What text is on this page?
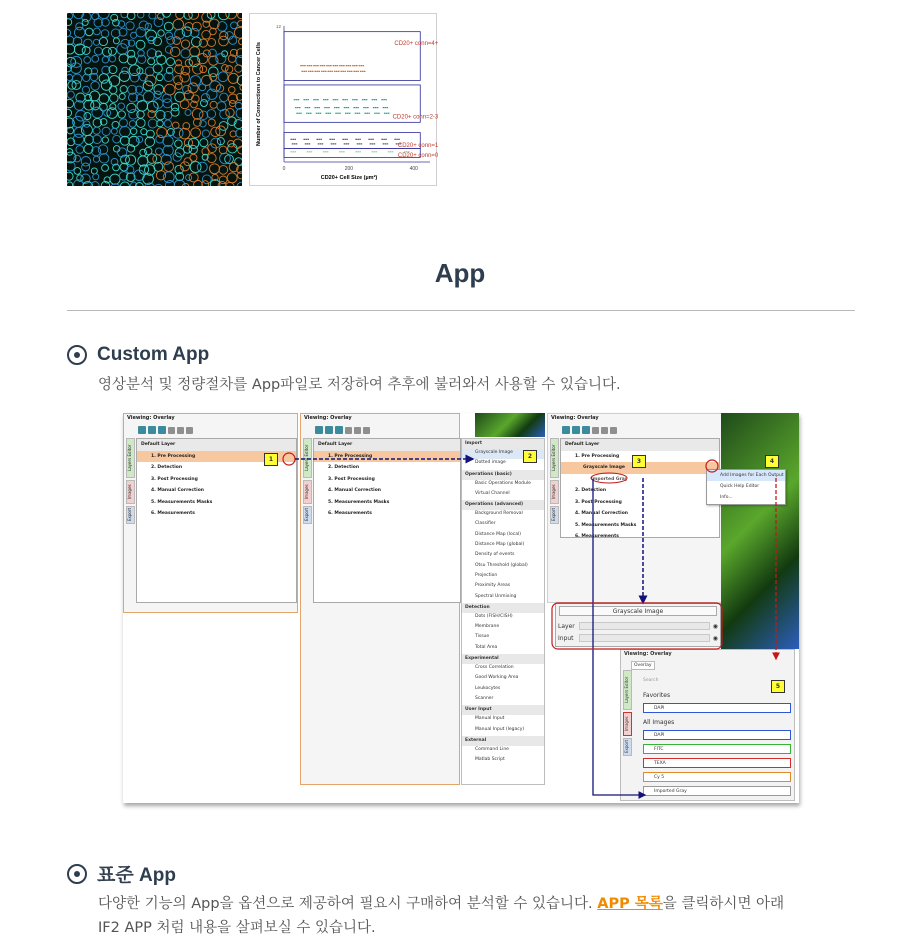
Number of Connections to Cancer Cells
CD20+ Cell Size (µm²)
0	200	400
12
CD20+ conn=4+
CD20+ conn=2-3
CD20+ conn=1
CD20+ conn=0
App
Custom App
영상분석 및 정량절차를 App파일로 저장하여 추후에 불러와서 사용할 수 있습니다.
Viewing: Overlay
Layers Editor
Images
Export
Default Layer
1. Pre Processing
2. Detection
3. Post Processing
4. Manual Correction
5. Measurements Masks
6. Measurements
Viewing: Overlay
Layers Editor
Images
Export
Default Layer
1. Pre Processing
2. Detection
3. Post Processing
4. Manual Correction
5. Measurements Masks
6. Measurements
Import
Grayscale Image
Dotted image
Operations (basic)
Basic Operations Module
Virtual Channel
Operations (advanced)
Background Removal
Classifier
Distance Map (local)
Distance Map (global)
Density of events
Otsu Threshold (global)
Projection
Proximity Areas
Spectral Unmixing
Detection
Dots (FISH/CISH)
Membrane
Tissue
Total Area
Experimental
Cross Correlation
Good Working Area
Leukocytes
Scanner
User Input
Manual Input
Manual Input (legacy)
External
Command Line
Matlab Script
Viewing: Overlay
Layers Editor
Images
Export
Default Layer
1. Pre Processing
Grayscale Image
Imported Gray
2. Detection
3. Post Processing
4. Manual Correction
5. Measurements Masks
6. Measurements
Add Images for Each Output
Quick Help Editor
Info...
Grayscale Image
Layer	◉
Input	◉
Viewing: Overlay
Overlay
Search
Favorites
All Images
DAPI
DAPI
FITC
TEXA
Cy 5
Imported Gray
Layers Editor
Images
Export
1	2
3	4
5
표준 App
다양한 기능의 App을 옵션으로 제공하여 필요시 구매하여 분석할 수 있습니다. APP 목록을 클릭하시면 아래
IF2 APP 처럼 내용을 살펴보실 수 있습니다.
